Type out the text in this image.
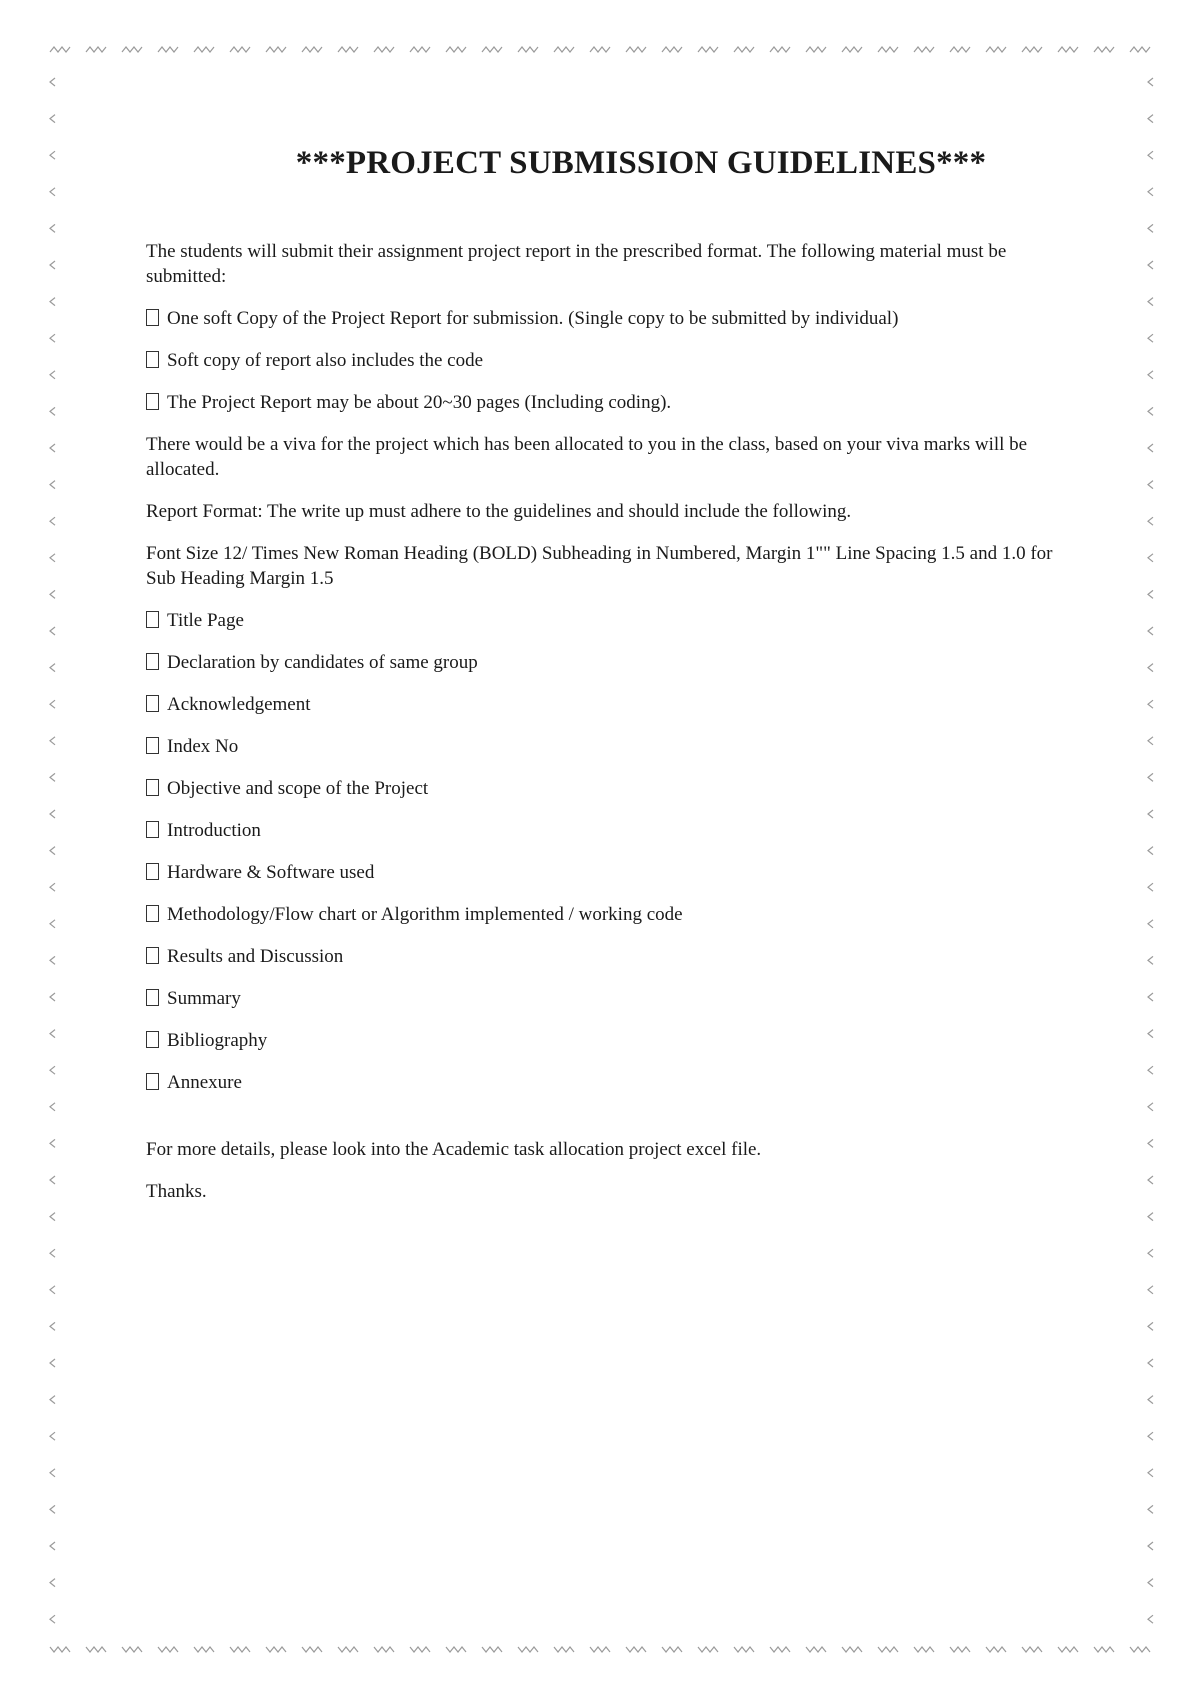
***PROJECT SUBMISSION GUIDELINES***

The students will submit their assignment project report in the prescribed format. The following material must be submitted:

One soft Copy of the Project Report for submission. (Single copy to be submitted by individual)
Soft copy of report also includes the code
The Project Report may be about 20~30 pages (Including coding).

There would be a viva for the project which has been allocated to you in the class, based on your viva marks will be allocated.

Report Format: The write up must adhere to the guidelines and should include the following.

Font Size 12/ Times New Roman Heading (BOLD) Subheading in Numbered, Margin 1"" Line Spacing 1.5 and 1.0 for Sub Heading Margin 1.5

Title Page
Declaration by candidates of same group
Acknowledgement
Index No
Objective and scope of the Project
Introduction
Hardware & Software used
Methodology/Flow chart or Algorithm implemented / working code
Results and Discussion
Summary
Bibliography
Annexure

For more details, please look into the Academic task allocation project excel file.

Thanks.
